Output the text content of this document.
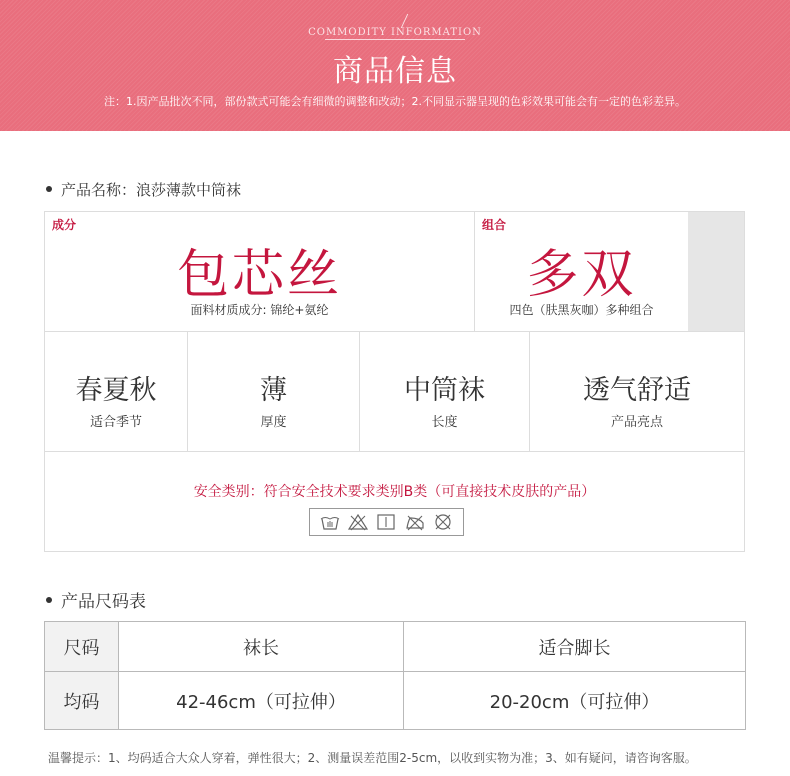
COMMODITY INFORMATION
商品信息
注：1.因产品批次不同，部份款式可能会有细微的调整和改动；2.不同显示器呈现的色彩效果可能会有一定的色彩差异。
产品名称：浪莎薄款中筒袜
成分
包芯丝
面料材质成分: 锦纶+氨纶
组合
多双
四色（肤黑灰咖）多种组合
春夏秋
适合季节
薄
厚度
中筒袜
长度
透气舒适
产品亮点
安全类别：符合安全技术要求类别B类（可直接技术皮肤的产品）
产品尺码表
尺码	袜长	适合脚长
均码	42-46cm（可拉伸）	20-20cm（可拉伸）
温馨提示：1、均码适合大众人穿着，弹性很大；2、测量误差范围2-5cm，以收到实物为准；3、如有疑问，请咨询客服。
